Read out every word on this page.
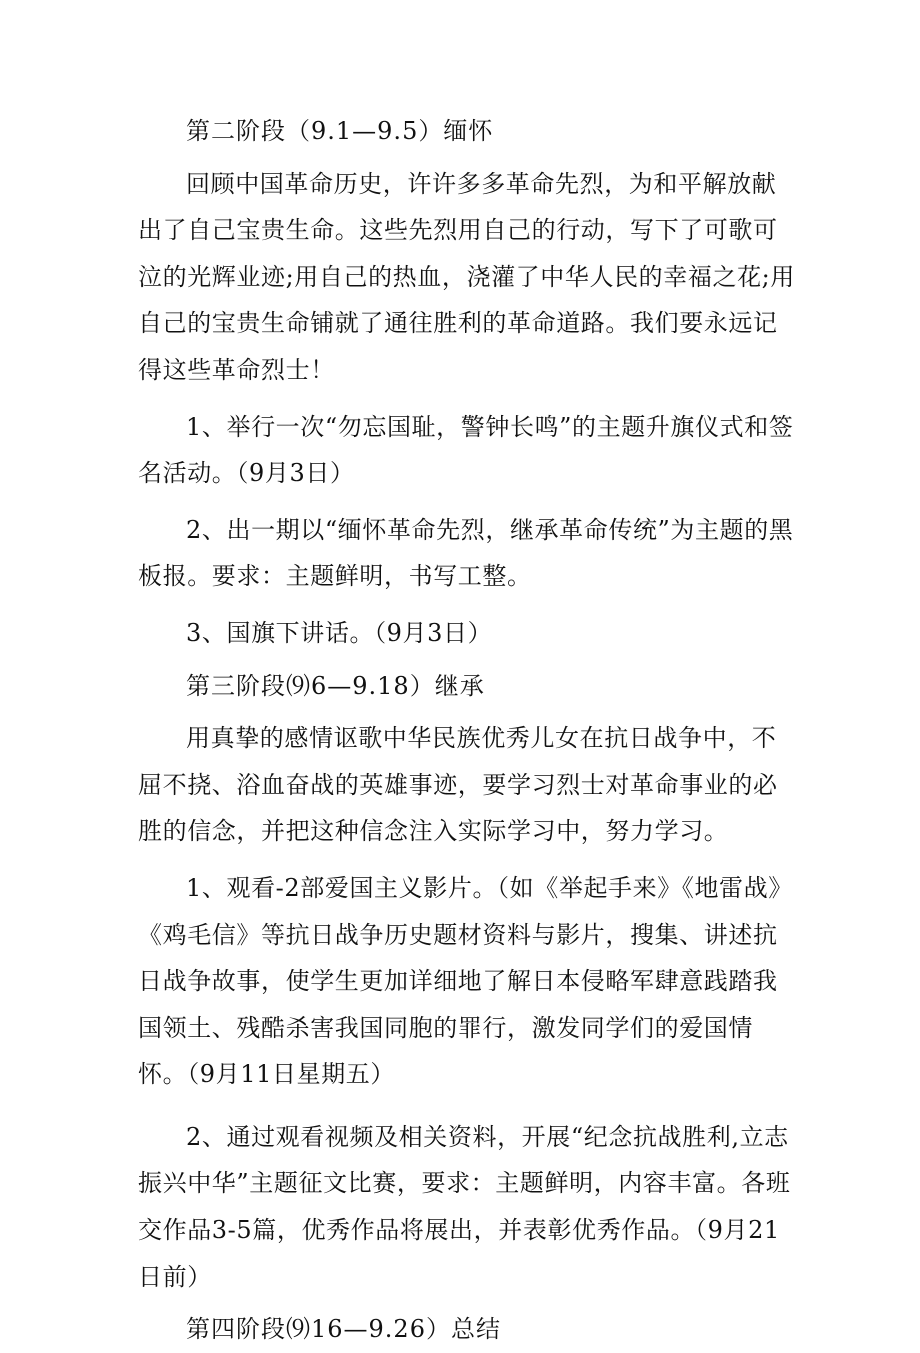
第二阶段（9.1—9.5）缅怀

回顾中国革命历史，许许多多革命先烈，为和平解放献出了自己宝贵生命。这些先烈用自己的行动，写下了可歌可泣的光辉业迹;用自己的热血，浇灌了中华人民的幸福之花;用自己的宝贵生命铺就了通往胜利的革命道路。我们要永远记得这些革命烈士！

1、举行一次“勿忘国耻，警钟长鸣”的主题升旗仪式和签名活动。（9月3日）

2、出一期以“缅怀革命先烈，继承革命传统”为主题的黑板报。要求：主题鲜明，书写工整。

3、国旗下讲话。（9月3日）

第三阶段⑼6—9.18）继承

用真挚的感情讴歌中华民族优秀儿女在抗日战争中，不屈不挠、浴血奋战的英雄事迹，要学习烈士对革命事业的必胜的信念，并把这种信念注入实际学习中，努力学习。

1、观看-2部爱国主义影片。（如《举起手来》《地雷战》《鸡毛信》等抗日战争历史题材资料与影片，搜集、讲述抗日战争故事，使学生更加详细地了解日本侵略军肆意践踏我国领土、残酷杀害我国同胞的罪行，激发同学们的爱国情怀。（9月11日星期五）

2、通过观看视频及相关资料，开展“纪念抗战胜利,立志振兴中华”主题征文比赛，要求：主题鲜明，内容丰富。各班交作品3-5篇，优秀作品将展出，并表彰优秀作品。（9月21日前）

第四阶段⑼16—9.26）总结
